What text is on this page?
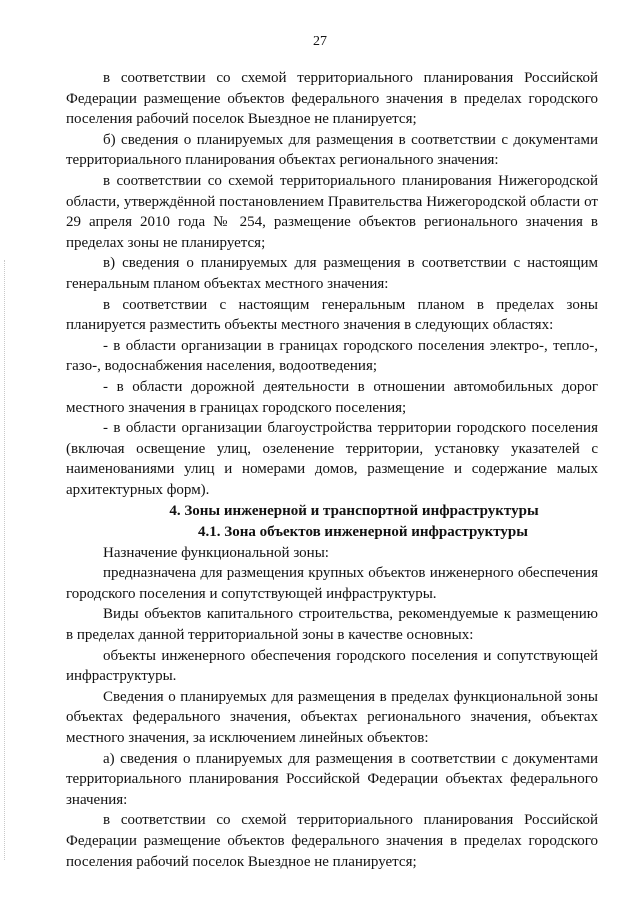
27

в соответствии со схемой территориального планирования Российской Федерации размещение объектов федерального значения в пределах городского поселения рабочий поселок Выездное не планируется;

б) сведения о планируемых для размещения в соответствии с документами территориального планирования объектах регионального значения:

в соответствии со схемой территориального планирования Нижегородской области, утверждённой постановлением Правительства Нижегородской области от 29 апреля 2010 года № 254, размещение объектов регионального значения в пределах зоны не планируется;

в) сведения о планируемых для размещения в соответствии с настоящим генеральным планом объектах местного значения:

в соответствии с настоящим генеральным планом в пределах зоны планируется разместить объекты местного значения в следующих областях:

- в области организации в границах городского поселения электро-, тепло-, газо-, водоснабжения населения, водоотведения;

- в области дорожной деятельности в отношении автомобильных дорог местного значения в границах городского поселения;

- в области организации благоустройства территории городского поселения (включая освещение улиц, озеленение территории, установку указателей с наименованиями улиц и номерами домов, размещение и содержание малых архитектурных форм).

4. Зоны инженерной и транспортной инфраструктуры

4.1. Зона объектов инженерной инфраструктуры

Назначение функциональной зоны:

предназначена для размещения крупных объектов инженерного обеспечения городского поселения и сопутствующей инфраструктуры.

Виды объектов капитального строительства, рекомендуемые к размещению в пределах данной территориальной зоны в качестве основных:

объекты инженерного обеспечения городского поселения и сопутствующей инфраструктуры.

Сведения о планируемых для размещения в пределах функциональной зоны объектах федерального значения, объектах регионального значения, объектах местного значения, за исключением линейных объектов:

а) сведения о планируемых для размещения в соответствии с документами территориального планирования Российской Федерации объектах федерального значения:

в соответствии со схемой территориального планирования Российской Федерации размещение объектов федерального значения в пределах городского поселения рабочий поселок Выездное не планируется;
